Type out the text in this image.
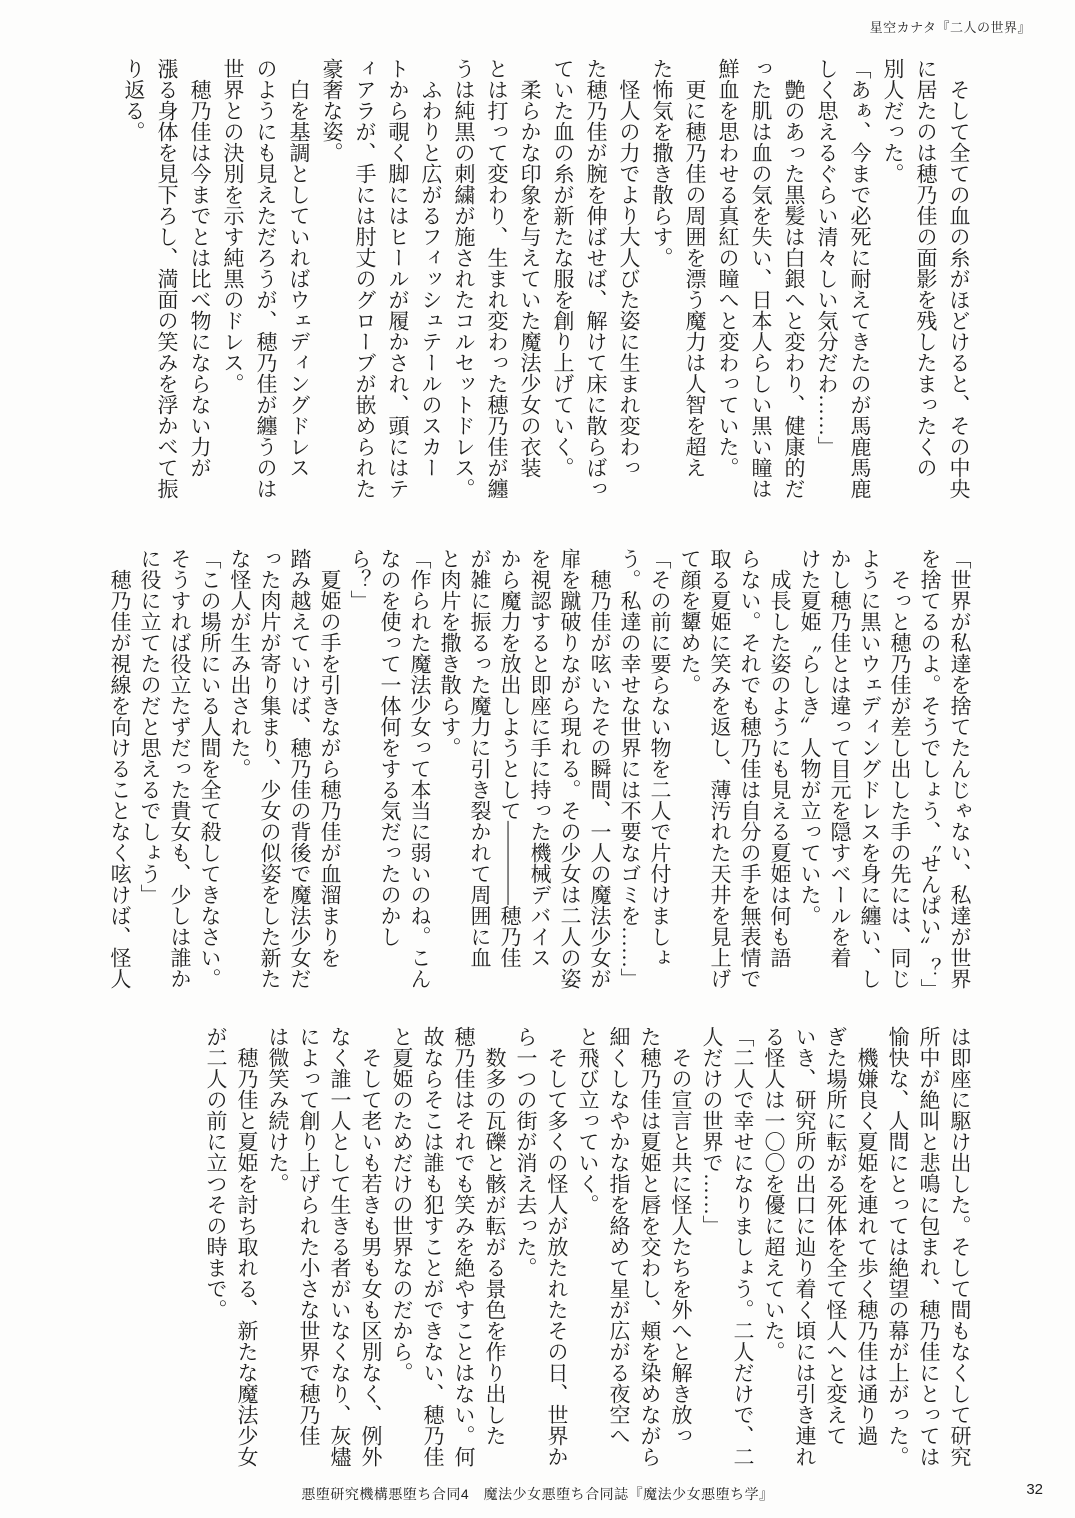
星空カナタ『二人の世界』

　そして全ての血の糸がほどけると、その中央

に居たのは穂乃佳の面影を残したまったくの

別人だった。

「あぁ、今まで必死に耐えてきたのが馬鹿馬鹿

しく思えるぐらい清々しい気分だわ……」

　艶のあった黒髪は白銀へと変わり、健康的だ

った肌は血の気を失い、日本人らしい黒い瞳は

鮮血を思わせる真紅の瞳へと変わっていた。

　更に穂乃佳の周囲を漂う魔力は人智を超え

た怖気を撒き散らす。

　怪人の力でより大人びた姿に生まれ変わっ

た穂乃佳が腕を伸ばせば、解けて床に散らばっ

ていた血の糸が新たな服を創り上げていく。

　柔らかな印象を与えていた魔法少女の衣装

とは打って変わり、生まれ変わった穂乃佳が纏

うは純黒の刺繍が施されたコルセットドレス。

　ふわりと広がるフィッシュテールのスカー

トから覗く脚にはヒールが履かされ、頭にはテ

ィアラが、手には肘丈のグローブが嵌められた

豪奢な姿。

　白を基調としていればウェディングドレス

のようにも見えただろうが、穂乃佳が纏うのは

世界との決別を示す純黒のドレス。

　穂乃佳は今までとは比べ物にならない力が

漲る身体を見下ろし、満面の笑みを浮かべて振

り返る。

「世界が私達を捨てたんじゃない、私達が世界

を捨てるのよ。そうでしょう、〝せんぱい〟？」

　そっと穂乃佳が差し出した手の先には、同じ

ように黒いウェディングドレスを身に纏い、し

かし穂乃佳とは違って目元を隠すベールを着

けた夏姫〝らしき〟人物が立っていた。

　成長した姿のようにも見える夏姫は何も語

らない。それでも穂乃佳は自分の手を無表情で

取る夏姫に笑みを返し、薄汚れた天井を見上げ

て顔を顰めた。

「その前に要らない物を二人で片付けましょ

う。私達の幸せな世界には不要なゴミを……」

　穂乃佳が呟いたその瞬間、一人の魔法少女が

扉を蹴破りながら現れる。その少女は二人の姿

を視認すると即座に手に持った機械デバイス

から魔力を放出しようとして――――穂乃佳

が雑に振るった魔力に引き裂かれて周囲に血

と肉片を撒き散らす。

「作られた魔法少女って本当に弱いのね。こん

なのを使って一体何をする気だったのかし

ら？」

　夏姫の手を引きながら穂乃佳が血溜まりを

踏み越えていけば、穂乃佳の背後で魔法少女だ

った肉片が寄り集まり、少女の似姿をした新た

な怪人が生み出された。

「この場所にいる人間を全て殺してきなさい。

そうすれば役立たずだった貴女も、少しは誰か

に役に立てたのだと思えるでしょう」

　穂乃佳が視線を向けることなく呟けば、怪人

は即座に駆け出した。そして間もなくして研究

所中が絶叫と悲鳴に包まれ、穂乃佳にとっては

愉快な、人間にとっては絶望の幕が上がった。

　機嫌良く夏姫を連れて歩く穂乃佳は通り過

ぎた場所に転がる死体を全て怪人へと変えて

いき、研究所の出口に辿り着く頃には引き連れ

る怪人は一〇〇を優に超えていた。

「二人で幸せになりましょう。二人だけで、二

人だけの世界で……」

　その宣言と共に怪人たちを外へと解き放っ

た穂乃佳は夏姫と唇を交わし、頬を染めながら

細くしなやかな指を絡めて星が広がる夜空へ

と飛び立っていく。

　そして多くの怪人が放たれたその日、世界か

ら一つの街が消え去った。

　数多の瓦礫と骸が転がる景色を作り出した

穂乃佳はそれでも笑みを絶やすことはない。何

故ならそこは誰も犯すことができない、穂乃佳

と夏姫のためだけの世界なのだから。

　そして老いも若きも男も女も区別なく、例外

なく誰一人として生きる者がいなくなり、灰燼

によって創り上げられた小さな世界で穂乃佳

は微笑み続けた。

　穂乃佳と夏姫を討ち取れる、新たな魔法少女

が二人の前に立つその時まで。

悪堕研究機構悪堕ち合同4　魔法少女悪堕ち合同誌『魔法少女悪堕ち学』	32
